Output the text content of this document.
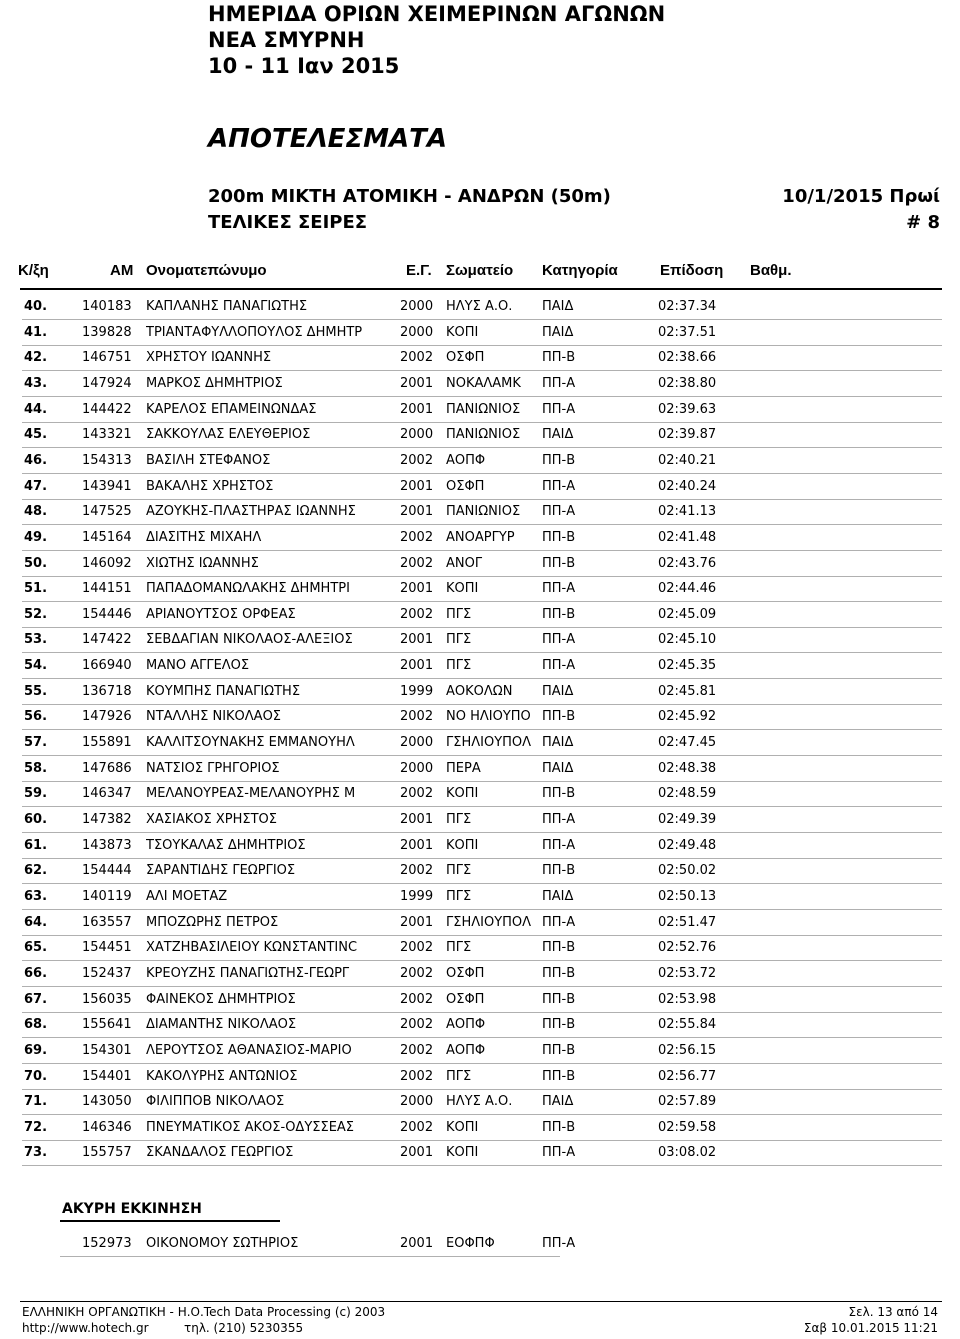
ΗΜΕΡΙΔΑ ΟΡΙΩΝ ΧΕΙΜΕΡΙΝΩΝ ΑΓΩΝΩΝ
ΝΕΑ ΣΜΥΡΝΗ
10 - 11 Ιαν 2015
ΑΠΟΤΕΛΕΣΜΑΤΑ
200m ΜΙΚΤΗ ΑΤΟΜΙΚΗ - ΑΝΔΡΩΝ (50m)	10/1/2015 Πρωί
ΤΕΛΙΚΕΣ ΣΕΙΡΕΣ	# 8
Κ/ξη	ΑΜ Ονοματεπώνυμο	Ε.Γ. Σωματείο Κατηγορία	Επίδοση Βαθμ.
40.	140183 ΚΑΠΛΑΝΗΣ ΠΑΝΑΓΙΩΤΗΣ	2000 ΗΛΥΣ Α.Ο.	ΠΑΙΔ	02:37.34
41.	139828 ΤΡΙΑΝΤΑΦΥΛΛΟΠΟΥΛΟΣ ΔΗΜΗΤΡ	2000 ΚΟΠΙ	ΠΑΙΔ	02:37.51
42.	146751 ΧΡΗΣΤΟΥ ΙΩΑΝΝΗΣ	2002 ΟΣΦΠ	ΠΠ-Β	02:38.66
43.	147924 ΜΑΡΚΟΣ ΔΗΜΗΤΡΙΟΣ	2001 ΝΟΚΑΛΑΜΚ	ΠΠ-Α	02:38.80
44.	144422 ΚΑΡΕΛΟΣ ΕΠΑΜΕΙΝΩΝΔΑΣ	2001 ΠΑΝΙΩΝΙΟΣ	ΠΠ-Α	02:39.63
45.	143321 ΣΑΚΚΟΥΛΑΣ ΕΛΕΥΘΕΡΙΟΣ	2000 ΠΑΝΙΩΝΙΟΣ	ΠΑΙΔ	02:39.87
46.	154313 ΒΑΣΙΛΗ ΣΤΕΦΑΝΟΣ	2002 ΑΟΠΦ	ΠΠ-Β	02:40.21
47.	143941 ΒΑΚΑΛΗΣ ΧΡΗΣΤΟΣ	2001 ΟΣΦΠ	ΠΠ-Α	02:40.24
48.	147525 ΑΖΟΥΚΗΣ-ΠΛΑΣΤΗΡΑΣ ΙΩΑΝΝΗΣ	2001 ΠΑΝΙΩΝΙΟΣ	ΠΠ-Α	02:41.13
49.	145164 ΔΙΑΣΙΤΗΣ ΜΙΧΑΗΛ	2002 ΑΝΟΑΡΓΥΡ	ΠΠ-Β	02:41.48
50.	146092 ΧΙΩΤΗΣ ΙΩΑΝΝΗΣ	2002 ΑΝΟΓ	ΠΠ-Β	02:43.76
51.	144151 ΠΑΠΑΔΟΜΑΝΩΛΑΚΗΣ ΔΗΜΗΤΡΙ	2001 ΚΟΠΙ	ΠΠ-Α	02:44.46
52.	154446 ΑΡΙΑΝΟΥΤΣΟΣ ΟΡΦΕΑΣ	2002 ΠΓΣ	ΠΠ-Β	02:45.09
53.	147422 ΣΕΒΔΑΓΙΑΝ ΝΙΚΟΛΑΟΣ-ΑΛΕΞΙΟΣ	2001 ΠΓΣ	ΠΠ-Α	02:45.10
54.	166940 ΜΑΝΟ ΑΓΓΕΛΟΣ	2001 ΠΓΣ	ΠΠ-Α	02:45.35
55.	136718 ΚΟΥΜΠΗΣ ΠΑΝΑΓΙΩΤΗΣ	1999 ΑΟΚΟΛΩΝ	ΠΑΙΔ	02:45.81
56.	147926 ΝΤΑΛΛΗΣ ΝΙΚΟΛΑΟΣ	2002 ΝΟ ΗΛΙΟΥΠΟ ΠΠ-Β	02:45.92
57.	155891 ΚΑΛΛΙΤΣΟΥΝΑΚΗΣ ΕΜΜΑΝΟΥΗΛ	2000 ΓΣΗΛΙΟΥΠΟΛ ΠΑΙΔ	02:47.45
58.	147686 ΝΑΤΣΙΟΣ ΓΡΗΓΟΡΙΟΣ	2000 ΠΕΡΑ	ΠΑΙΔ	02:48.38
59.	146347 ΜΕΛΑΝΟΥΡΕΑΣ-ΜΕΛΑΝΟΥΡΗΣ Μ	2002 ΚΟΠΙ	ΠΠ-Β	02:48.59
60.	147382 ΧΑΣΙΑΚΟΣ ΧΡΗΣΤΟΣ	2001 ΠΓΣ	ΠΠ-Α	02:49.39
61.	143873 ΤΣΟΥΚΑΛΑΣ ΔΗΜΗΤΡΙΟΣ	2001 ΚΟΠΙ	ΠΠ-Α	02:49.48
62.	154444 ΣΑΡΑΝΤΙΔΗΣ ΓΕΩΡΓΙΟΣ	2002 ΠΓΣ	ΠΠ-Β	02:50.02
63.	140119 ΑΛΙ ΜΟΕΤΑΖ	1999 ΠΓΣ	ΠΑΙΔ	02:50.13
64.	163557 ΜΠΟΖΩΡΗΣ ΠΕΤΡΟΣ	2001 ΓΣΗΛΙΟΥΠΟΛ ΠΠ-Α	02:51.47
65.	154451 ΧΑΤΖΗΒΑΣΙΛΕΙΟΥ ΚΩΝΣΤΑΝΤΙΝC	2002 ΠΓΣ	ΠΠ-Β	02:52.76
66.	152437 ΚΡΕΟΥΖΗΣ ΠΑΝΑΓΙΩΤΗΣ-ΓΕΩΡΓ	2002 ΟΣΦΠ	ΠΠ-Β	02:53.72
67.	156035 ΦΑΙΝΕΚΟΣ ΔΗΜΗΤΡΙΟΣ	2002 ΟΣΦΠ	ΠΠ-Β	02:53.98
68.	155641 ΔΙΑΜΑΝΤΗΣ ΝΙΚΟΛΑΟΣ	2002 ΑΟΠΦ	ΠΠ-Β	02:55.84
69.	154301 ΛΕΡΟΥΤΣΟΣ ΑΘΑΝΑΣΙΟΣ-ΜΑΡΙΟ	2002 ΑΟΠΦ	ΠΠ-Β	02:56.15
70.	154401 ΚΑΚΟΛΥΡΗΣ ΑΝΤΩΝΙΟΣ	2002 ΠΓΣ	ΠΠ-Β	02:56.77
71.	143050 ΦΙΛΙΠΠΟΒ ΝΙΚΟΛΑΟΣ	2000 ΗΛΥΣ Α.Ο.	ΠΑΙΔ	02:57.89
72.	146346 ΠΝΕΥΜΑΤΙΚΟΣ ΑΚΟΣ-ΟΔΥΣΣΕΑΣ	2002 ΚΟΠΙ	ΠΠ-Β	02:59.58
73.	155757 ΣΚΑΝΔΑΛΟΣ ΓΕΩΡΓΙΟΣ	2001 ΚΟΠΙ	ΠΠ-Α	03:08.02
ΑΚΥΡΗ ΕΚΚΙΝΗΣΗ
152973 ΟΙΚΟΝΟΜΟΥ ΣΩΤΗΡΙΟΣ	2001 ΕΟΦΠΦ	ΠΠ-Α
ΕΛΛΗΝΙΚΗ ΟΡΓΑΝΩΤΙΚΗ - Η.Ο.Tech Data Processing (c) 2003
http://www.hotech.gr	τηλ. (210) 5230355
Σελ. 13 από 14
Σαβ 10.01.2015 11:21
